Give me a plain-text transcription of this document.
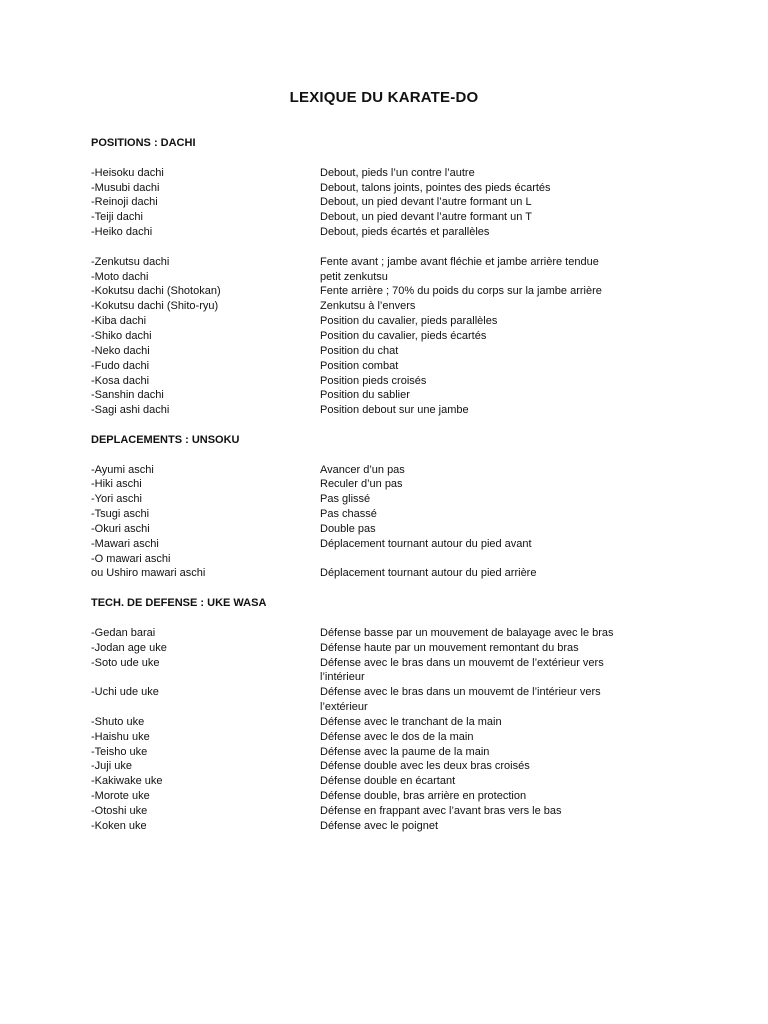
LEXIQUE DU KARATE-DO
POSITIONS : DACHI
-Heisoku dachi	Debout, pieds l’un contre l’autre
-Musubi dachi	Debout, talons joints, pointes des pieds écartés
-Reinoji dachi	Debout, un pied devant l’autre formant un L
-Teiji dachi	Debout, un pied devant l’autre formant un T
-Heiko dachi	Debout, pieds écartés et parallèles
-Zenkutsu dachi	Fente avant ; jambe avant fléchie et jambe arrière tendue
-Moto dachi	petit zenkutsu
-Kokutsu dachi (Shotokan)	Fente arrière ; 70% du poids du corps sur la jambe arrière
-Kokutsu dachi (Shito-ryu)	Zenkutsu à l’envers
-Kiba dachi	Position du cavalier, pieds parallèles
-Shiko dachi	Position du cavalier, pieds écartés
-Neko dachi	Position du chat
-Fudo dachi	Position combat
-Kosa dachi	Position pieds croisés
-Sanshin dachi	Position du sablier
-Sagi ashi dachi	Position debout sur une jambe
DEPLACEMENTS : UNSOKU
-Ayumi aschi	Avancer d’un pas
-Hiki aschi	Reculer d’un pas
-Yori aschi	Pas glissé
-Tsugi aschi	Pas chassé
-Okuri aschi	Double pas
-Mawari aschi	Déplacement tournant autour du pied avant
-O mawari aschi
ou Ushiro mawari aschi	Déplacement tournant autour du pied arrière
TECH. DE DEFENSE : UKE WASA
-Gedan barai	Défense basse par un mouvement de balayage avec le bras
-Jodan age uke	Défense haute par un mouvement remontant du bras
-Soto ude uke	Défense avec le bras dans un mouvemt de l’extérieur vers l’intérieur
-Uchi ude uke	Défense avec le bras dans un mouvemt de l’intérieur vers l’extérieur
-Shuto uke	Défense avec le tranchant de la main
-Haishu uke	Défense avec le dos de la main
-Teisho uke	Défense avec la paume de la main
-Juji uke	Défense double avec les deux bras croisés
-Kakiwake uke	Défense double en écartant
-Morote uke	Défense double, bras arrière en protection
-Otoshi uke	Défense en frappant avec l’avant bras vers le bas
-Koken uke	Défense avec le poignet
